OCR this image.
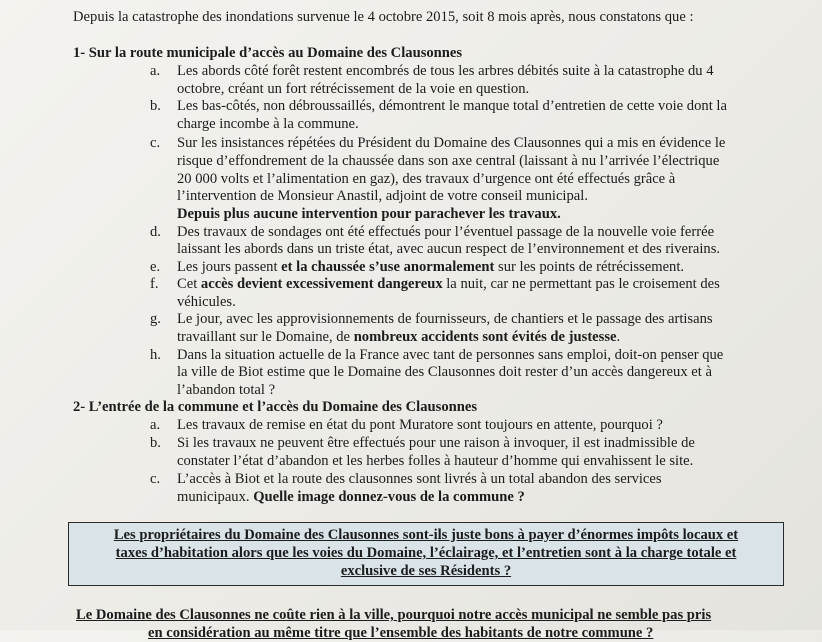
Depuis la catastrophe des inondations survenue le 4 octobre 2015, soit 8 mois après, nous constatons que :
1- Sur la route municipale d’accès au Domaine des Clausonnes
a. Les abords côté forêt restent encombrés de tous les arbres débités suite à la catastrophe du 4
octobre, créant un fort rétrécissement de la voie en question.
b. Les bas-côtés, non débroussaillés, démontrent le manque total d’entretien de cette voie dont la
charge incombe à la commune.
c. Sur les insistances répétées du Président du Domaine des Clausonnes qui a mis en évidence le
risque d’effondrement de la chaussée dans son axe central (laissant à nu l’arrivée l’électrique
20 000 volts et l’alimentation en gaz), des travaux d’urgence ont été effectués grâce à
l’intervention de Monsieur Anastil, adjoint de votre conseil municipal.
Depuis plus aucune intervention pour parachever les travaux.
d. Des travaux de sondages ont été effectués pour l’éventuel passage de la nouvelle voie ferrée
laissant les abords dans un triste état, avec aucun respect de l’environnement et des riverains.
e. Les jours passent et la chaussée s’use anormalement sur les points de rétrécissement.
f. Cet accès devient excessivement dangereux la nuit, car ne permettant pas le croisement des
véhicules.
g. Le jour, avec les approvisionnements de fournisseurs, de chantiers et le passage des artisans
travaillant sur le Domaine, de nombreux accidents sont évités de justesse.
h. Dans la situation actuelle de la France avec tant de personnes sans emploi, doit-on penser que
la ville de Biot estime que le Domaine des Clausonnes doit rester d’un accès dangereux et à
l’abandon total ?
2- L’entrée de la commune et l’accès du Domaine des Clausonnes
a. Les travaux de remise en état du pont Muratore sont toujours en attente, pourquoi ?
b. Si les travaux ne peuvent être effectués pour une raison à invoquer, il est inadmissible de
constater l’état d’abandon et les herbes folles à hauteur d’homme qui envahissent le site.
c. L’accès à Biot et la route des clausonnes sont livrés à un total abandon des services
municipaux. Quelle image donnez-vous de la commune ?
Les propriétaires du Domaine des Clausonnes sont-ils juste bons à payer d’énormes impôts locaux et
taxes d’habitation alors que les voies du Domaine, l’éclairage, et l’entretien sont à la charge totale et
exclusive de ses Résidents ?
Le Domaine des Clausonnes ne coûte rien à la ville, pourquoi notre accès municipal ne semble pas pris
en considération au même titre que l’ensemble des habitants de notre commune ?
